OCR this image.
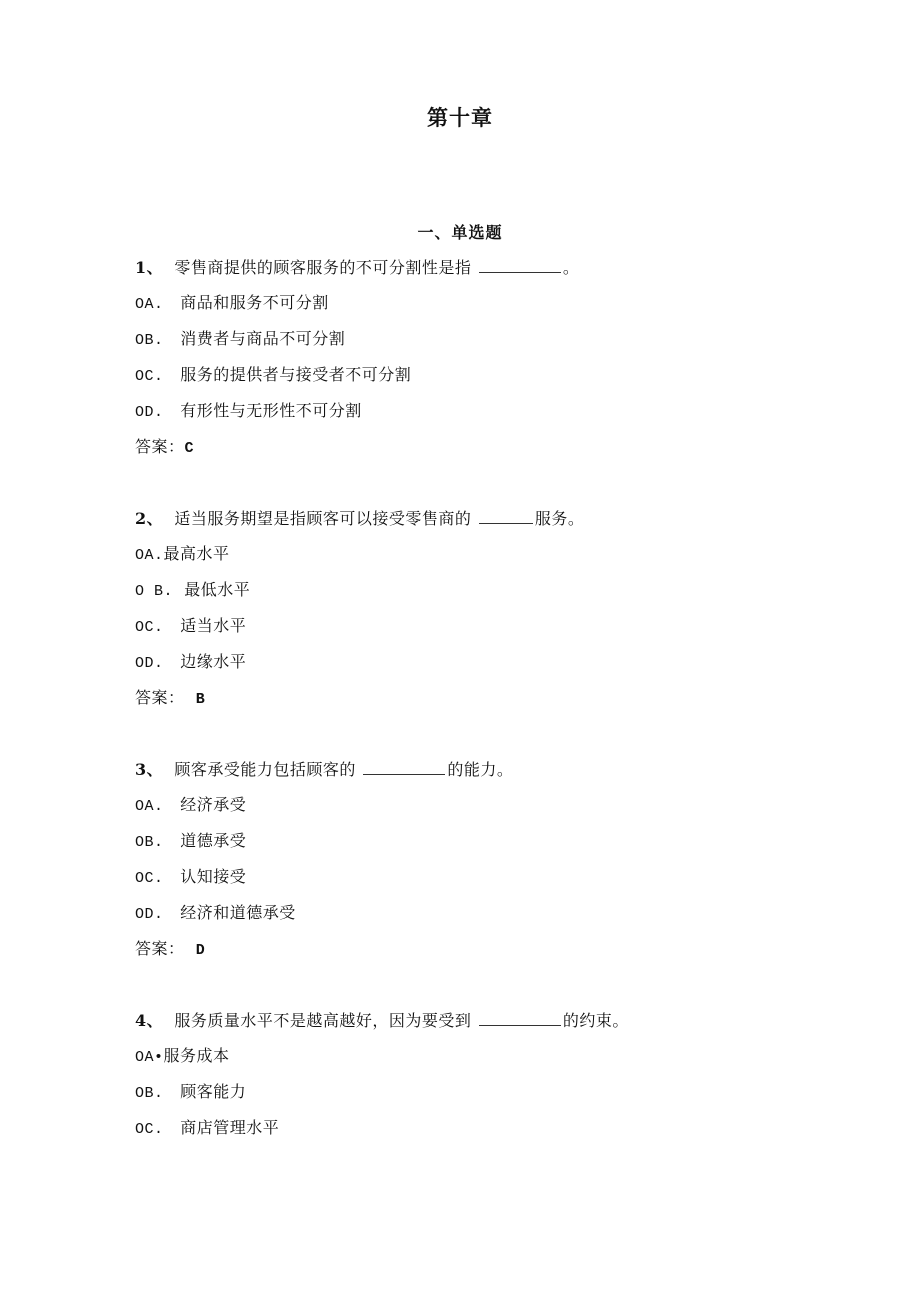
第十章
一、单选题
1、 零售商提供的顾客服务的不可分割性是指	。
OA. 商品和服务不可分割
OB. 消费者与商品不可分割
OC. 服务的提供者与接受者不可分割
OD. 有形性与无形性不可分割
答案：C
2、 适当服务期望是指顾客可以接受零售商的	服务。
OA.最高水平
O B. 最低水平
OC. 适当水平
OD. 边缘水平
答案： B
3、 顾客承受能力包括顾客的	的能力。
OA. 经济承受
OB. 道德承受
OC. 认知接受
OD. 经济和道德承受
答案： D
4、 服务质量水平不是越高越好，因为要受到	的约束。
OA•服务成本
OB. 顾客能力
OC. 商店管理水平
